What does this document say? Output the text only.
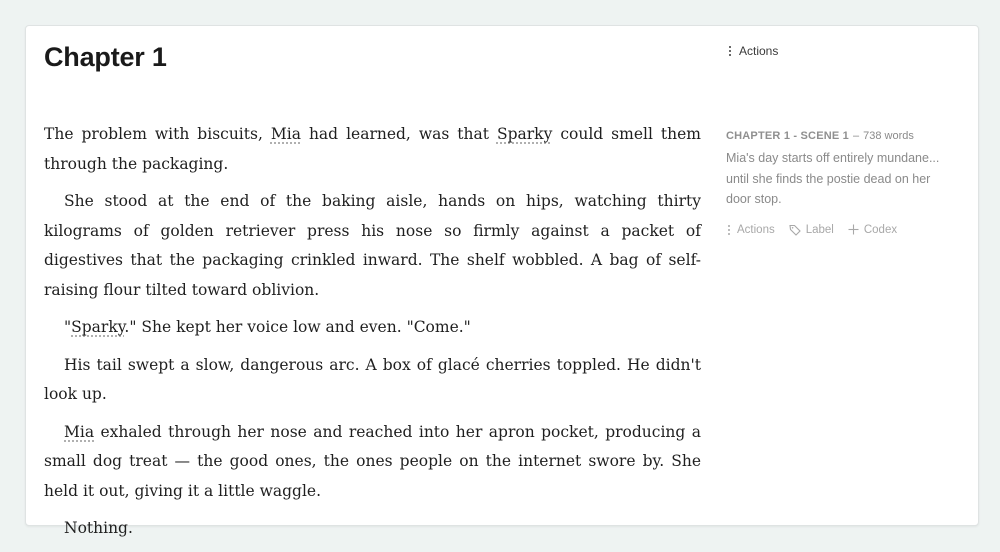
Chapter 1	Actions

The problem with biscuits, Mia had learned, was that Sparky could smell them through the packaging.

She stood at the end of the baking aisle, hands on hips, watching thirty kilograms of golden retriever press his nose so firmly against a packet of digestives that the packaging crinkled inward. The shelf wobbled. A bag of self-raising flour tilted toward oblivion.

"Sparky." She kept her voice low and even. "Come."

His tail swept a slow, dangerous arc. A box of glacé cherries toppled. He didn't look up.

Mia exhaled through her nose and reached into her apron pocket, producing a small dog treat — the good ones, the ones people on the internet swore by. She held it out, giving it a little waggle.

Nothing.

CHAPTER 1 - SCENE 1 – 738 words
Mia's day starts off entirely mundane... until she finds the postie dead on her door stop.
Actions	Label	Codex
